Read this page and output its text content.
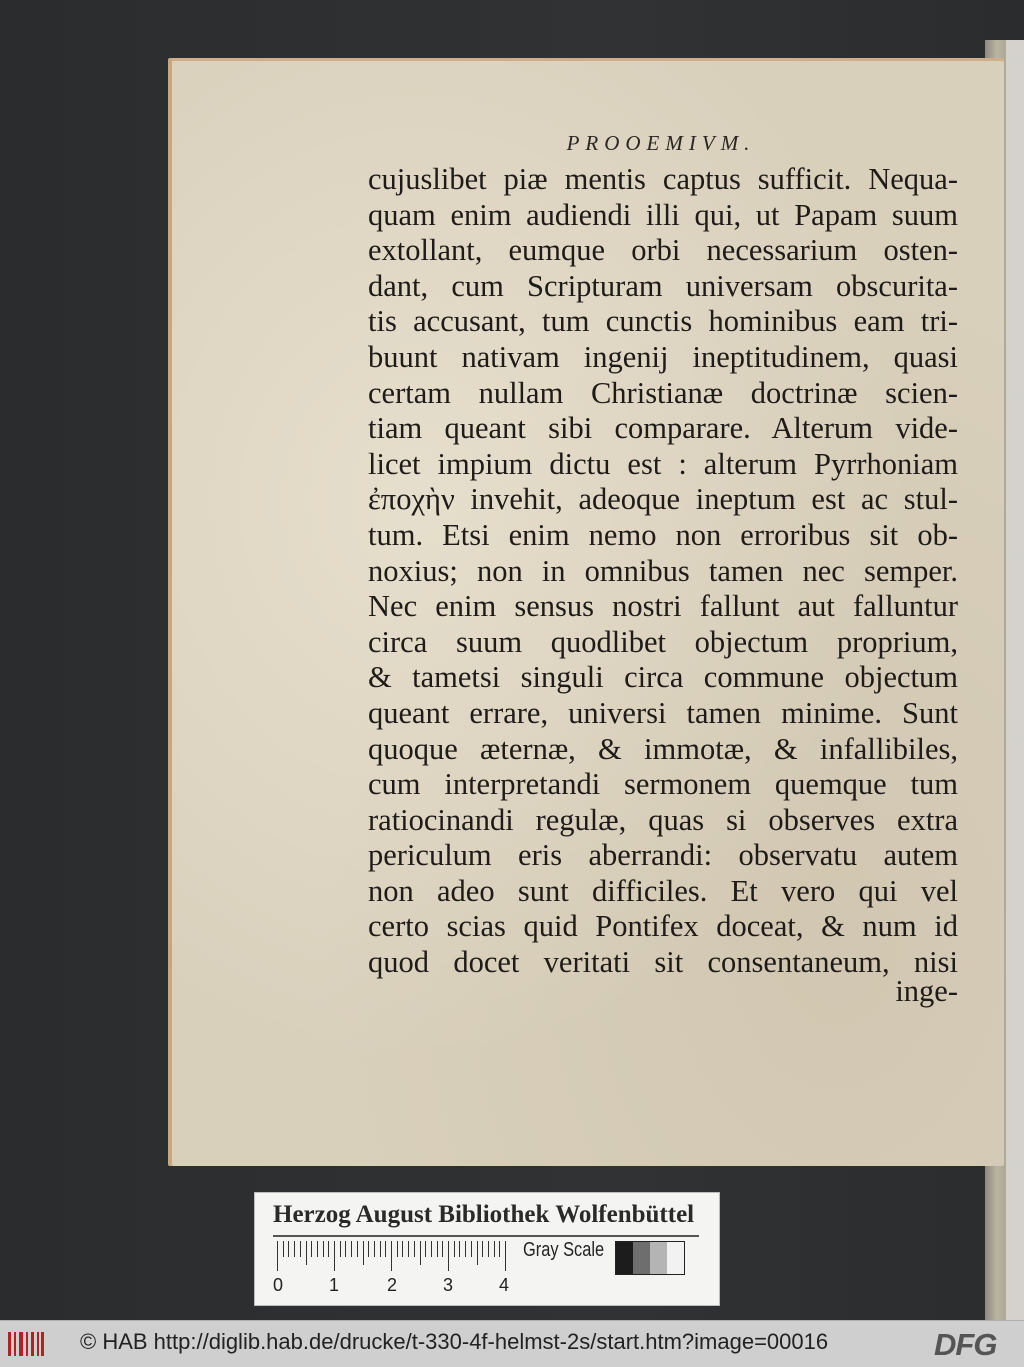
PROOEMIVM.
cujuslibet piæ mentis captus sufficit. Nequa-
quam enim audiendi illi qui, ut Papam suum
extollant, eumque orbi necessarium osten-
dant, cum Scripturam universam obscurita-
tis accusant, tum cunctis hominibus eam tri-
buunt nativam ingenij ineptitudinem, quasi
certam nullam Christianæ doctrinæ scien-
tiam queant sibi comparare. Alterum vide-
licet impium dictu est : alterum Pyrrhoniam
ἐποχὴν invehit, adeoque ineptum est ac stul-
tum. Etsi enim nemo non erroribus sit ob-
noxius; non in omnibus tamen nec semper.
Nec enim sensus nostri fallunt aut falluntur
circa suum quodlibet objectum proprium,
& tametsi singuli circa commune objectum
queant errare, universi tamen minime. Sunt
quoque æternæ, & immotæ, & infallibiles,
cum interpretandi sermonem quemque tum
ratiocinandi regulæ, quas si observes extra
periculum eris aberrandi: observatu autem
non adeo sunt difficiles. Et vero qui vel
certo scias quid Pontifex doceat, & num id
quod docet veritati sit consentaneum, nisi
inge-
Herzog August Bibliothek Wolfenbüttel
0	1	2	3	4
Gray Scale
© HAB http://diglib.hab.de/drucke/t-330-4f-helmst-2s/start.htm?image=00016	DFG
